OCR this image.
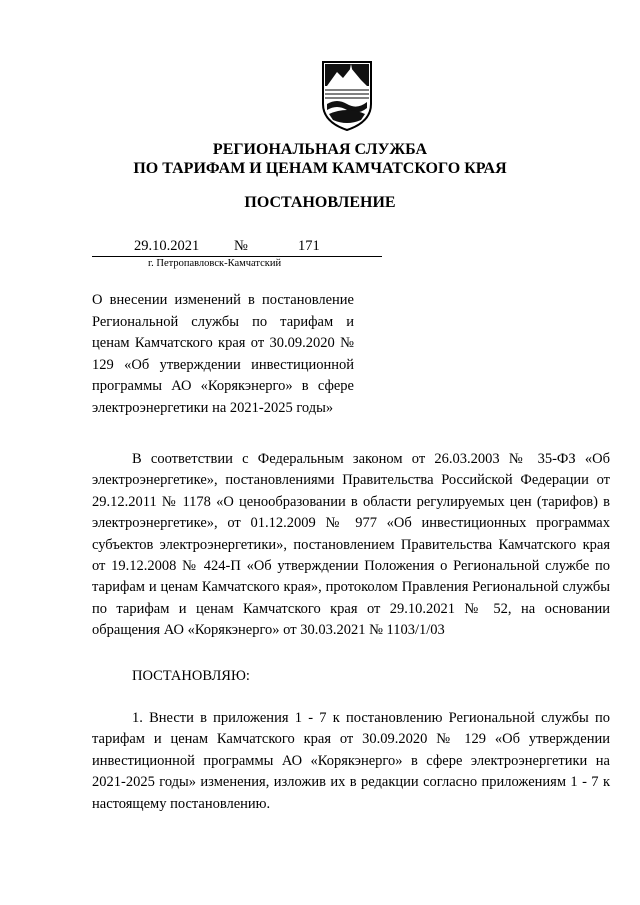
РЕГИОНАЛЬНАЯ СЛУЖБА
ПО ТАРИФАМ И ЦЕНАМ КАМЧАТСКОГО КРАЯ
ПОСТАНОВЛЕНИЕ
29.10.2021 №	171
г. Петропавловск-Камчатский
О внесении изменений в постановление Региональной службы по тарифам и ценам Камчатского края от 30.09.2020 № 129 «Об утверждении инвестиционной программы АО «Корякэнерго» в сфере электроэнергетики на 2021-2025 годы»
В соответствии с Федеральным законом от 26.03.2003 № 35-ФЗ «Об электроэнергетике», постановлениями Правительства Российской Федерации от 29.12.2011 № 1178 «О ценообразовании в области регулируемых цен (тарифов) в электроэнергетике», от 01.12.2009 № 977 «Об инвестиционных программах субъектов электроэнергетики», постановлением Правительства Камчатского края от 19.12.2008 № 424-П «Об утверждении Положения о Региональной службе по тарифам и ценам Камчатского края», протоколом Правления Региональной службы по тарифам и ценам Камчатского края от 29.10.2021 № 52, на основании обращения АО «Корякэнерго» от 30.03.2021 № 1103/1/03
ПОСТАНОВЛЯЮ:
1. Внести в приложения 1 - 7 к постановлению Региональной службы по тарифам и ценам Камчатского края от 30.09.2020 № 129 «Об утверждении инвестиционной программы АО «Корякэнерго» в сфере электроэнергетики на 2021-2025 годы» изменения, изложив их в редакции согласно приложениям 1 - 7 к настоящему постановлению.
